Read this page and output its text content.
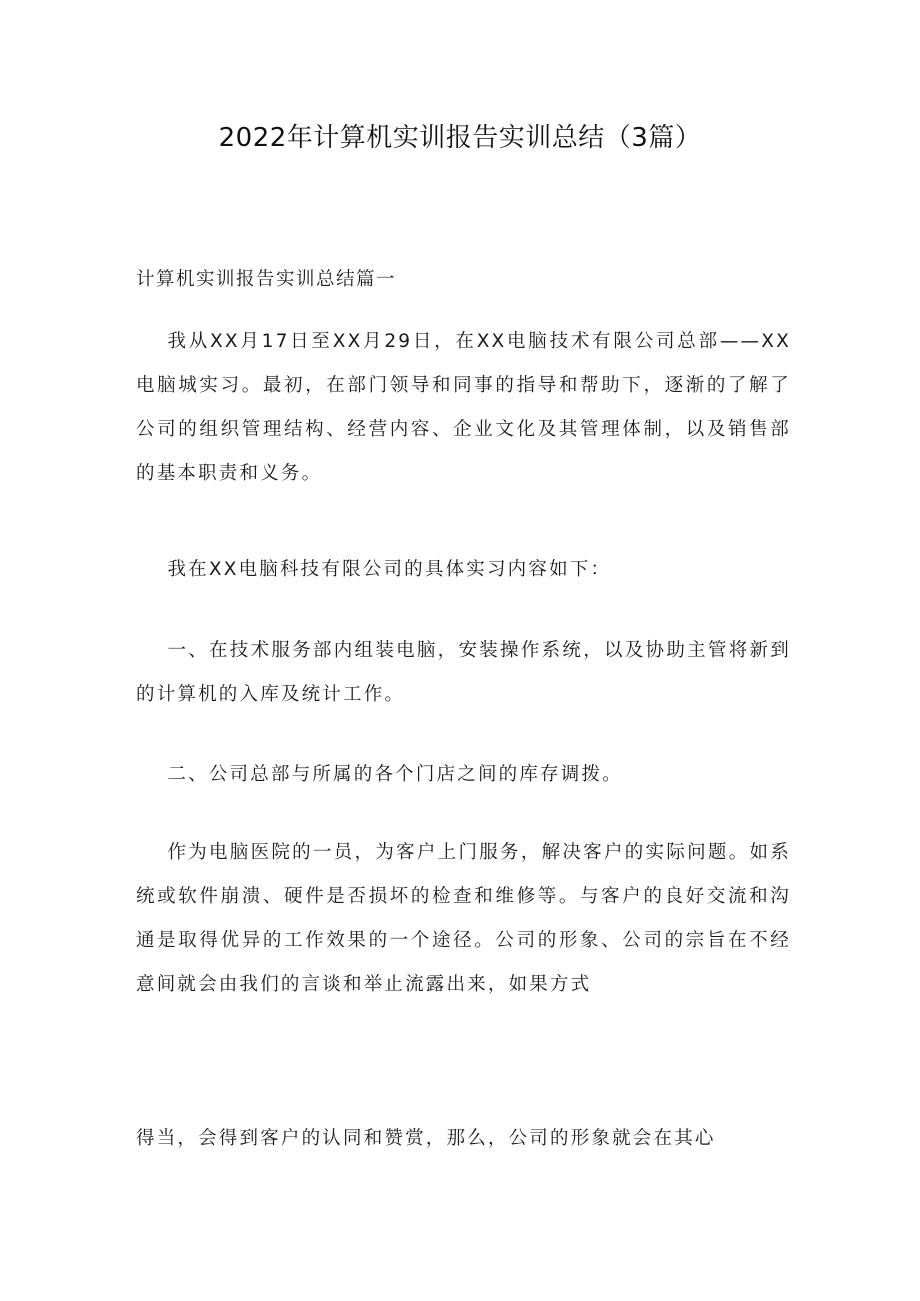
2022年计算机实训报告实训总结（3篇）
计算机实训报告实训总结篇一

我从XX月17日至XX月29日，在XX电脑技术有限公司总部——XX电脑城实习。最初，在部门领导和同事的指导和帮助下，逐渐的了解了公司的组织管理结构、经营内容、企业文化及其管理体制，以及销售部的基本职责和义务。

我在XX电脑科技有限公司的具体实习内容如下：

一、在技术服务部内组装电脑，安装操作系统，以及协助主管将新到的计算机的入库及统计工作。

二、公司总部与所属的各个门店之间的库存调拨。

作为电脑医院的一员，为客户上门服务，解决客户的实际问题。如系统或软件崩溃、硬件是否损坏的检查和维修等。与客户的良好交流和沟通是取得优异的工作效果的一个途径。公司的形象、公司的宗旨在不经意间就会由我们的言谈和举止流露出来，如果方式

得当，会得到客户的认同和赞赏，那么，公司的形象就会在其心
